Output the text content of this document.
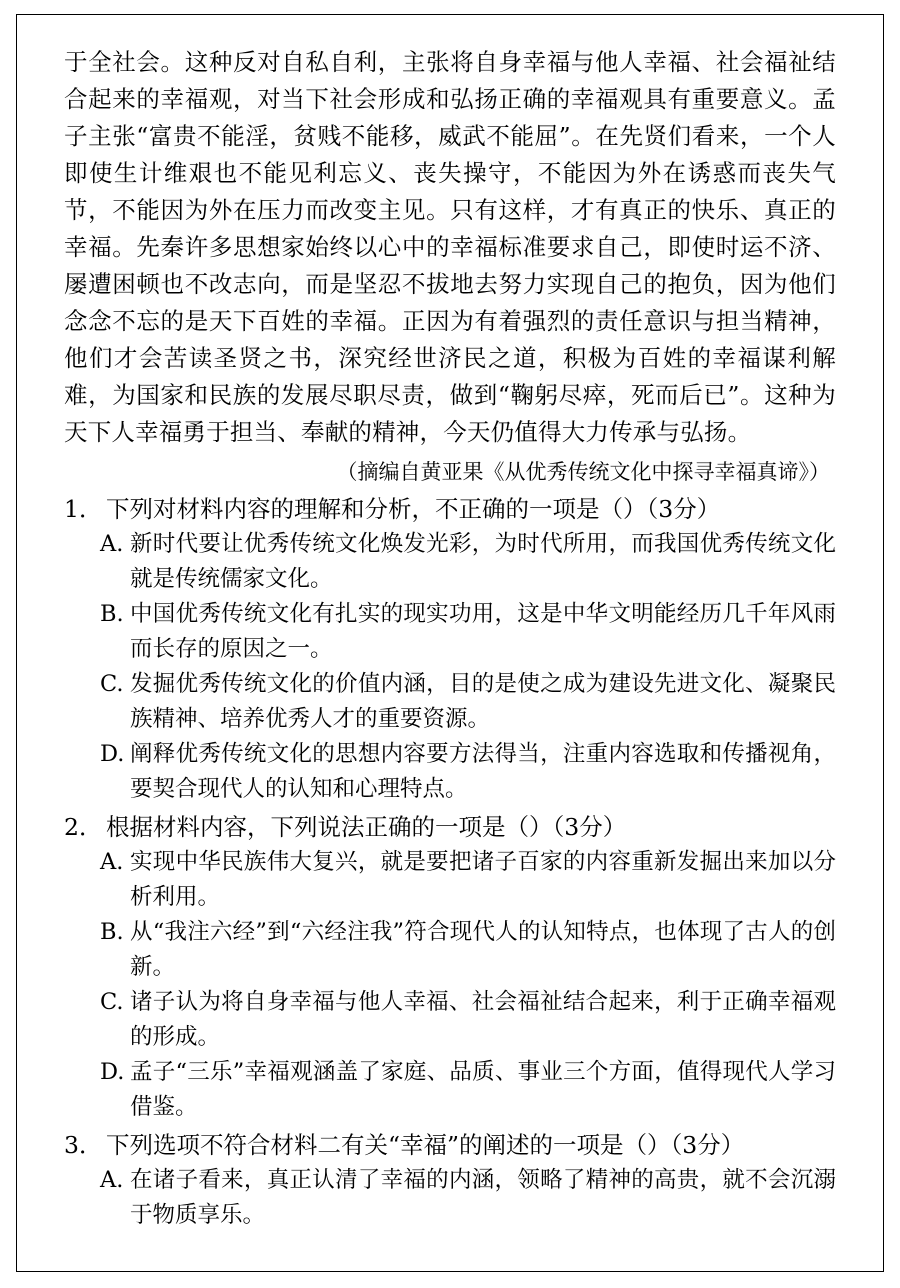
于全社会。这种反对自私自利，主张将自身幸福与他人幸福、社会福祉结合起来的幸福观，对当下社会形成和弘扬正确的幸福观具有重要意义。孟子主张“富贵不能淫，贫贱不能移，威武不能屈”。在先贤们看来，一个人即使生计维艰也不能见利忘义、丧失操守，不能因为外在诱惑而丧失气节，不能因为外在压力而改变主见。只有这样，才有真正的快乐、真正的幸福。先秦许多思想家始终以心中的幸福标准要求自己，即使时运不济、屡遭困顿也不改志向，而是坚忍不拔地去努力实现自己的抱负，因为他们念念不忘的是天下百姓的幸福。正因为有着强烈的责任意识与担当精神，他们才会苦读圣贤之书，深究经世济民之道，积极为百姓的幸福谋利解难，为国家和民族的发展尽职尽责，做到“鞠躬尽瘁，死而后已”。这种为天下人幸福勇于担当、奉献的精神，今天仍值得大力传承与弘扬。

（摘编自黄亚果《从优秀传统文化中探寻幸福真谛》）

1． 下列对材料内容的理解和分析，不正确的一项是（）（3分）

A. 新时代要让优秀传统文化焕发光彩，为时代所用，而我国优秀传统文化就是传统儒家文化。

B. 中国优秀传统文化有扎实的现实功用，这是中华文明能经历几千年风雨而长存的原因之一。

C. 发掘优秀传统文化的价值内涵，目的是使之成为建设先进文化、凝聚民族精神、培养优秀人才的重要资源。

D. 阐释优秀传统文化的思想内容要方法得当，注重内容选取和传播视角，要契合现代人的认知和心理特点。

2． 根据材料内容，下列说法正确的一项是（）（3分）

A. 实现中华民族伟大复兴，就是要把诸子百家的内容重新发掘出来加以分析利用。

B. 从“我注六经”到“六经注我”符合现代人的认知特点，也体现了古人的创新。

C. 诸子认为将自身幸福与他人幸福、社会福祉结合起来，利于正确幸福观的形成。

D. 孟子“三乐”幸福观涵盖了家庭、品质、事业三个方面，值得现代人学习借鉴。

3． 下列选项不符合材料二有关“幸福”的阐述的一项是（）（3分）

A. 在诸子看来，真正认清了幸福的内涵，领略了精神的高贵，就不会沉溺于物质享乐。
